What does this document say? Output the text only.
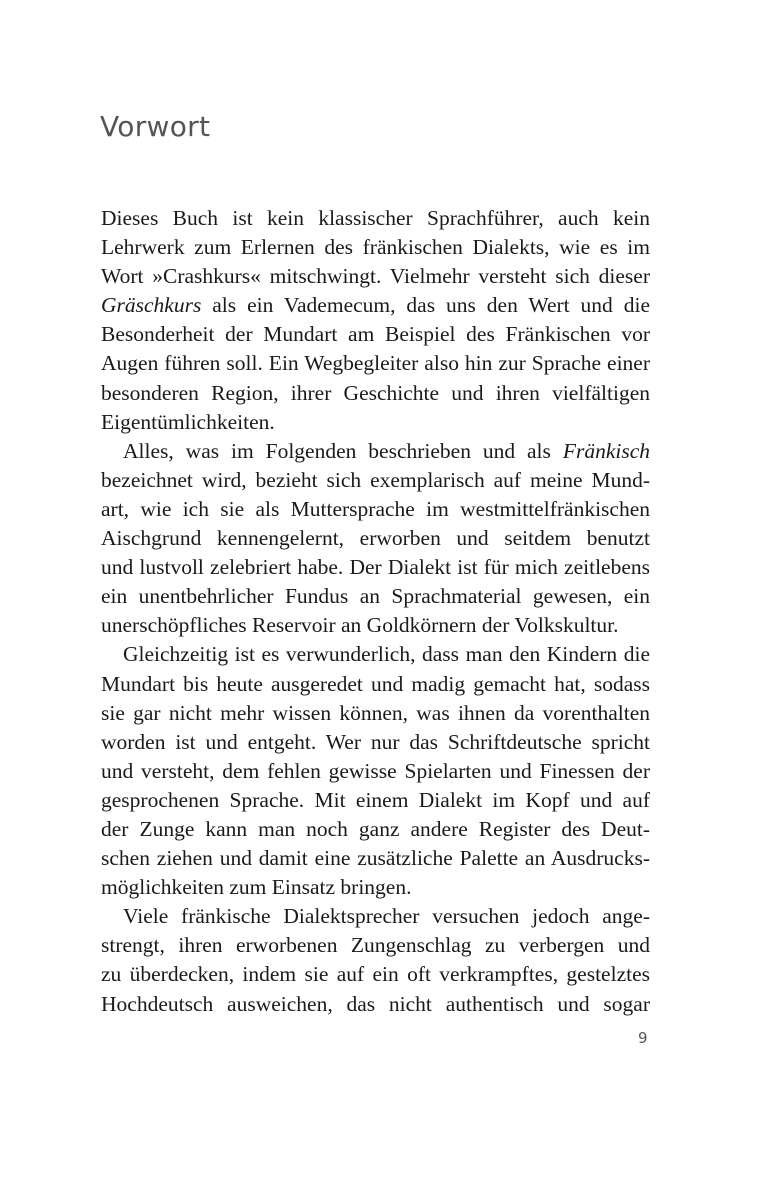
Vorwort
Dieses Buch ist kein klassischer Sprachführer, auch kein
Lehrwerk zum Erlernen des fränkischen Dialekts, wie es im
Wort »Crashkurs« mitschwingt. Vielmehr versteht sich dieser
Gräschkurs als ein Vademecum, das uns den Wert und die
Besonderheit der Mundart am Beispiel des Fränkischen vor
Augen führen soll. Ein Wegbegleiter also hin zur Sprache einer
besonderen Region, ihrer Geschichte und ihren vielfältigen
Eigentümlichkeiten.
Alles, was im Folgenden beschrieben und als Fränkisch
bezeichnet wird, bezieht sich exemplarisch auf meine Mund-
art, wie ich sie als Muttersprache im westmittelfränkischen
Aischgrund kennengelernt, erworben und seitdem benutzt
und lustvoll zelebriert habe. Der Dialekt ist für mich zeitlebens
ein unentbehrlicher Fundus an Sprachmaterial gewesen, ein
unerschöpfliches Reservoir an Goldkörnern der Volkskultur.
Gleichzeitig ist es verwunderlich, dass man den Kindern die
Mundart bis heute ausgeredet und madig gemacht hat, sodass
sie gar nicht mehr wissen können, was ihnen da vorenthalten
worden ist und entgeht. Wer nur das Schriftdeutsche spricht
und versteht, dem fehlen gewisse Spielarten und Finessen der
gesprochenen Sprache. Mit einem Dialekt im Kopf und auf
der Zunge kann man noch ganz andere Register des Deut-
schen ziehen und damit eine zusätzliche Palette an Ausdrucks-
möglichkeiten zum Einsatz bringen.
Viele fränkische Dialektsprecher versuchen jedoch ange-
strengt, ihren erworbenen Zungenschlag zu verbergen und
zu überdecken, indem sie auf ein oft verkrampftes, gestelztes
Hochdeutsch ausweichen, das nicht authentisch und sogar
9
